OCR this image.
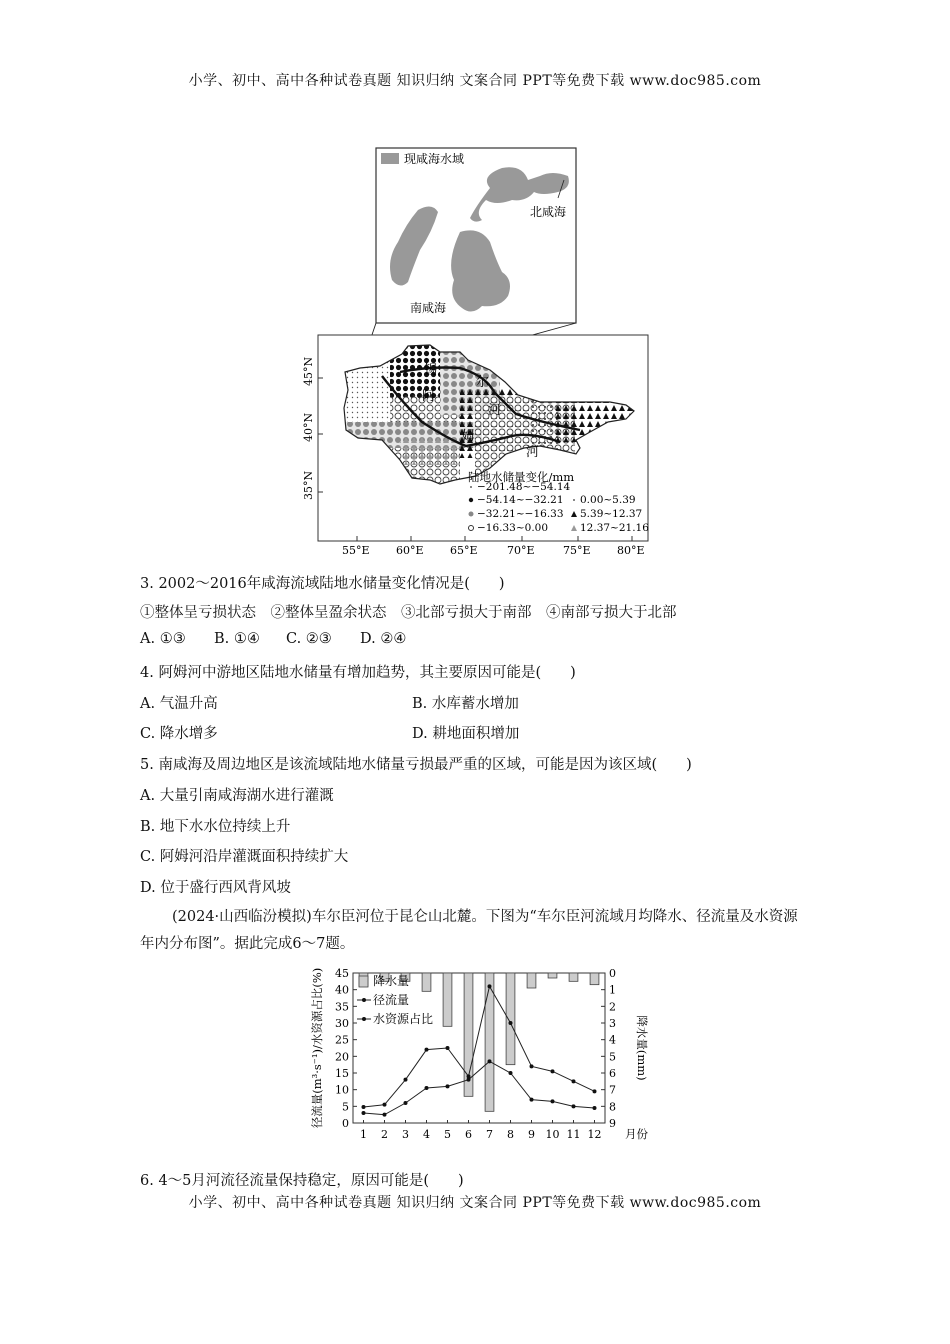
小学、初中、高中各种试卷真题 知识归纳 文案合同 PPT等免费下载 www.doc985.com
小学、初中、高中各种试卷真题 知识归纳 文案合同 PPT等免费下载 www.doc985.com
现咸海水域
北咸海
南咸海
锡
尔
河
阿
姆
河
45°N
40°N
35°N
55°E 60°E 65°E	70°E	75°E 80°E
陆地水储量变化/mm
−201.48~−54.14
−54.14~−32.21
−32.21~−16.33
−16.33~0.00
0.00~5.39
5.39~12.37
12.37~21.16
3. 2002～2016年咸海流域陆地水储量变化情况是(　　)
①整体呈亏损状态　②整体呈盈余状态　③北部亏损大于南部　④南部亏损大于北部
A. ①③ B. ①④ C. ②③ D. ②④
4. 阿姆河中游地区陆地水储量有增加趋势，其主要原因可能是(　　)
A. 气温升高	B. 水库蓄水增加
C. 降水增多	D. 耕地面积增加
5. 南咸海及周边地区是该流域陆地水储量亏损最严重的区域，可能是因为该区域(　　)
A. 大量引南咸海湖水进行灌溉
B. 地下水水位持续上升
C. 阿姆河沿岸灌溉面积持续扩大
D. 位于盛行西风背风坡
(2024·山西临汾模拟)车尔臣河位于昆仑山北麓。下图为“车尔臣河流域月均降水、径流量及水资源年内分布图”。据此完成6～7题。
0
5
10
15
20
25
30
35
40
45	0
1
2
3
4
5
6
7
8
9
1 2 3 4 5 6 7 8 9 10 11 12 月份
径流量(m³·s⁻¹)/水资源占比(%)	降水量(mm)
降水量
径流量
水资源占比
6. 4～5月河流径流量保持稳定，原因可能是(　　)
